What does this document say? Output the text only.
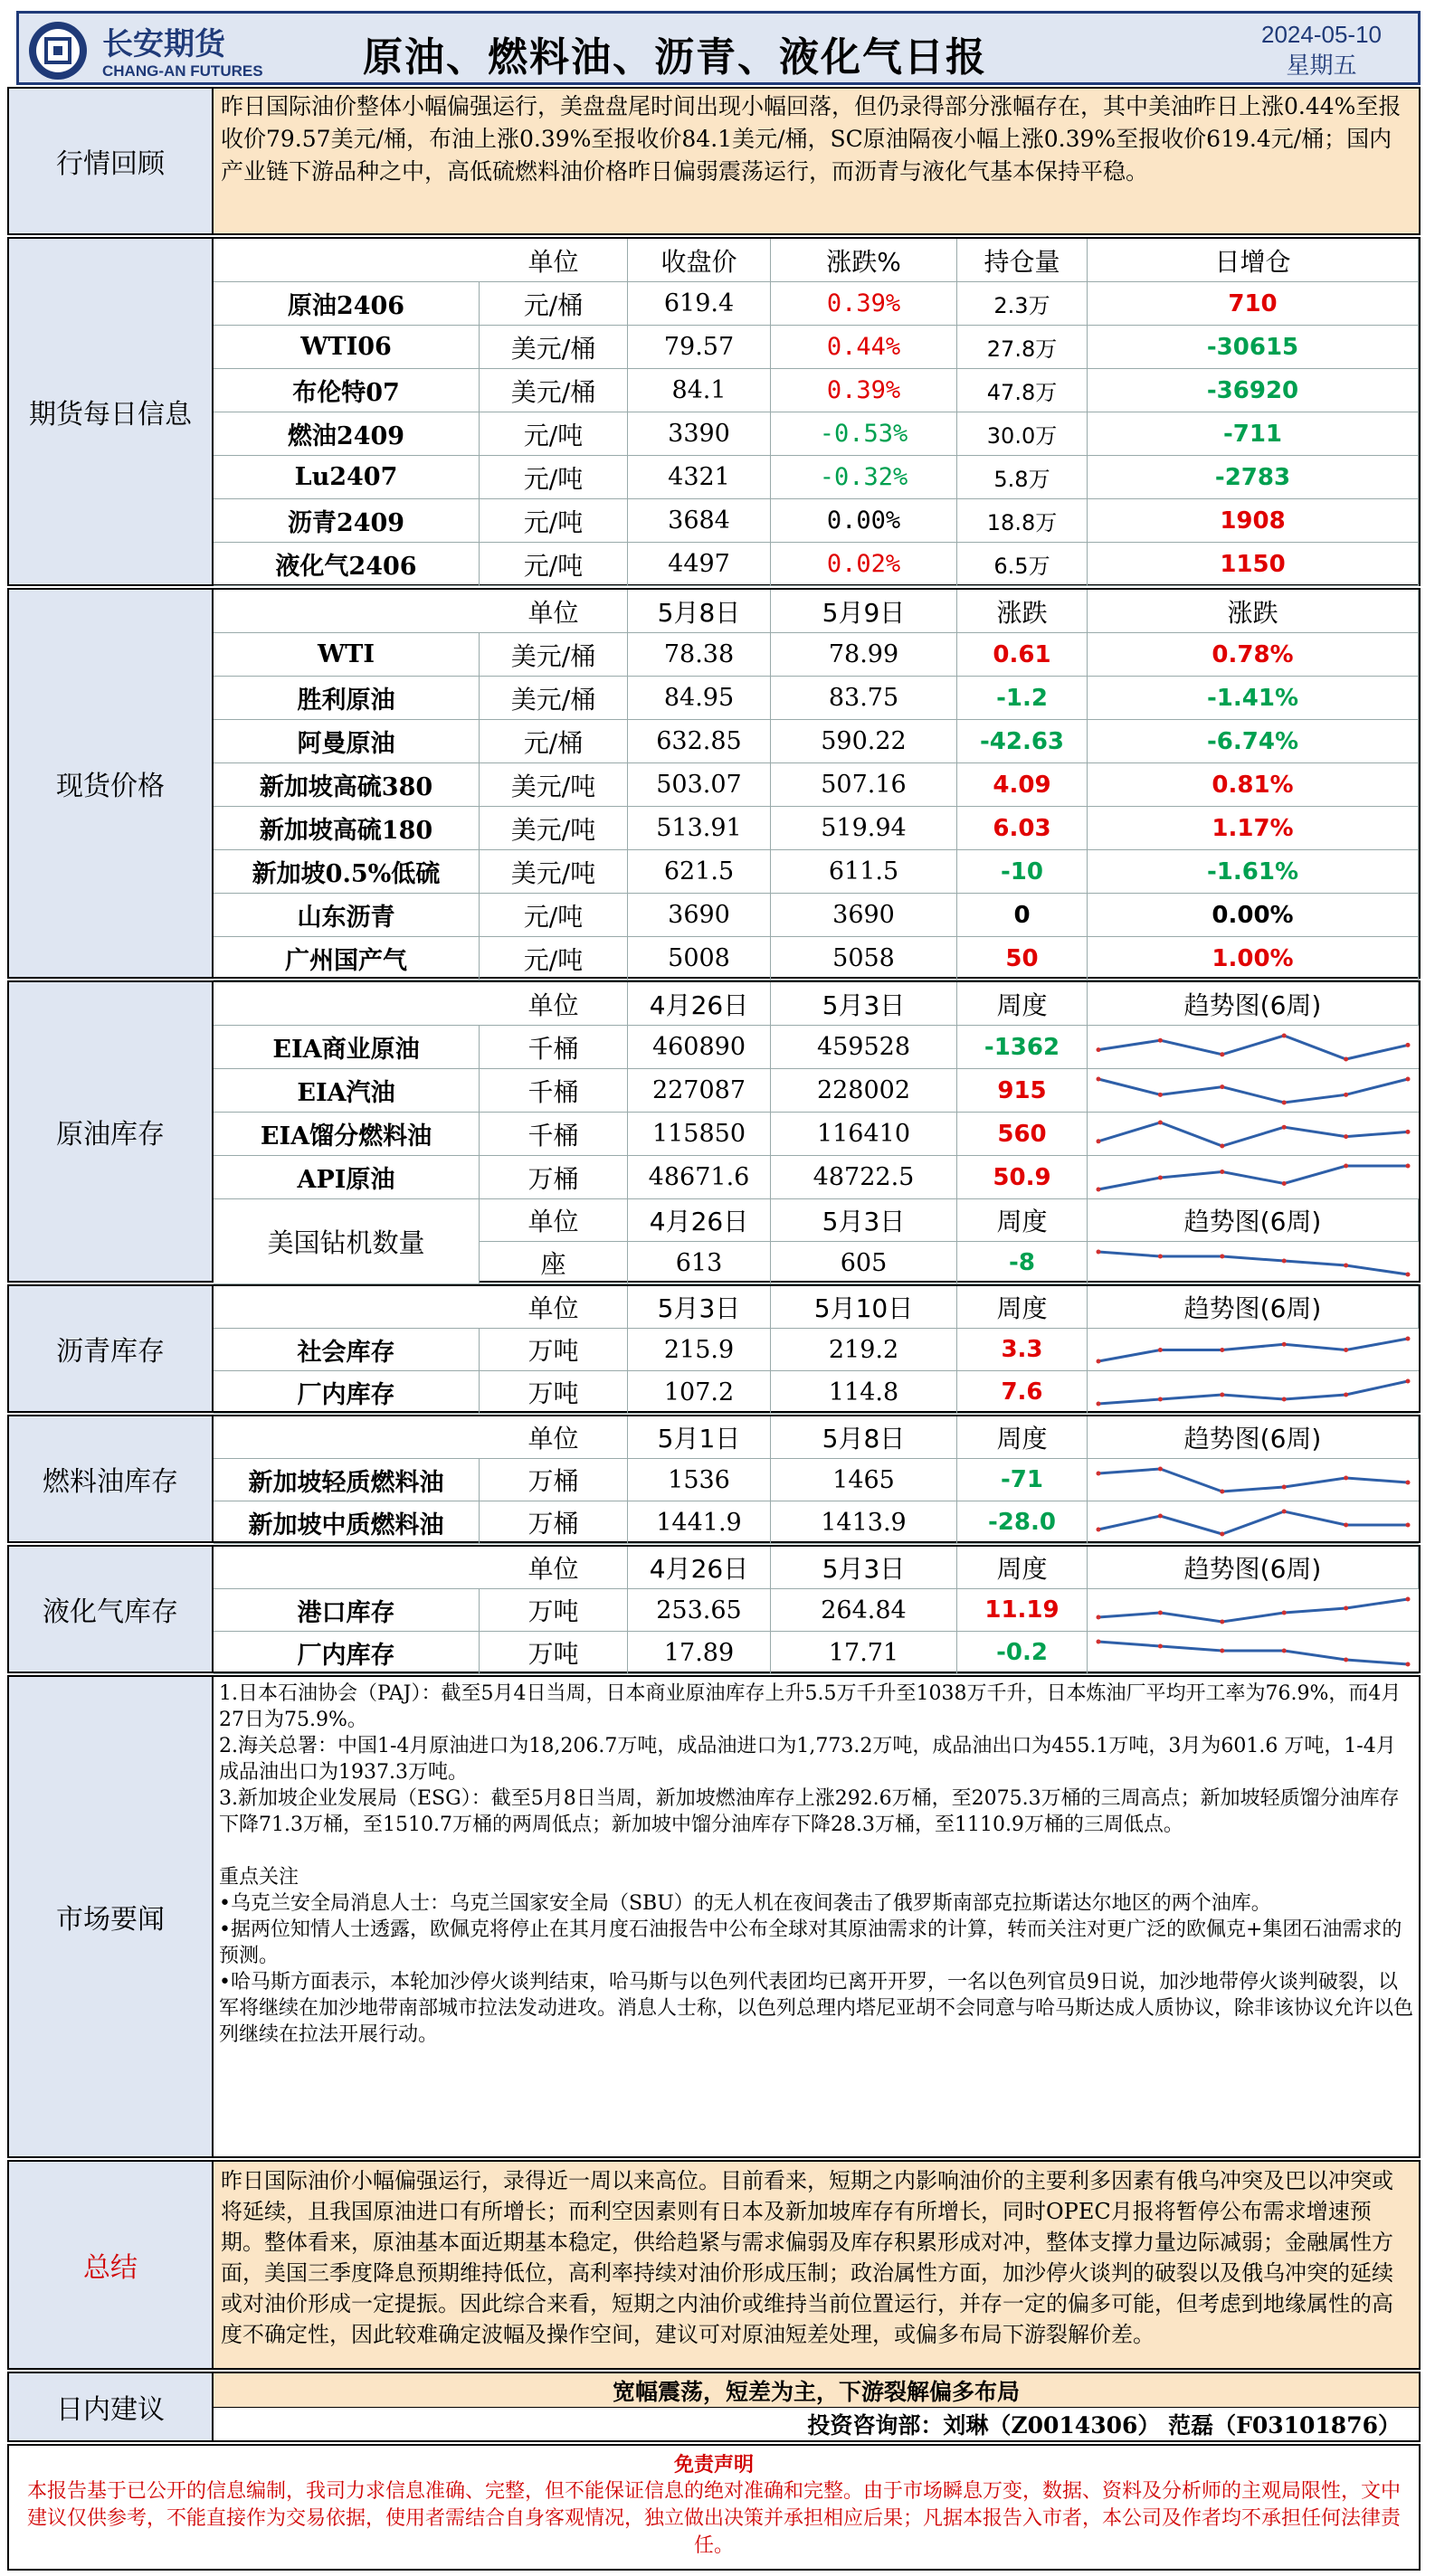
长安期货
CHANG-AN FUTURES	原油、燃料油、沥青、液化气日报	2024-05-10
星期五
行情回顾
昨日国际油价整体小幅偏强运行，美盘盘尾时间出现小幅回落，但仍录得部分涨幅存在，其中美油昨日上涨0.44%至报收价79.57美元/桶，布油上涨0.39%至报收价84.1美元/桶，SC原油隔夜小幅上涨0.39%至报收价619.4元/桶；国内产业链下游品种之中，高低硫燃料油价格昨日偏弱震荡运行，而沥青与液化气基本保持平稳。
期货每日信息
单位	收盘价	涨跌%	持仓量	日增仓
原油2406	元/桶	619.4	0.39%	2.3万	710
WTI06	美元/桶	79.57	0.44%	27.8万	-30615
布伦特07	美元/桶	84.1	0.39%	47.8万	-36920
燃油2409	元/吨	3390	-0.53%	30.0万	-711
Lu2407	元/吨	4321	-0.32%	5.8万	-2783
沥青2409	元/吨	3684	0.00%	18.8万	1908
液化气2406	元/吨	4497	0.02%	6.5万	1150
现货价格
单位	5月8日	5月9日	涨跌	涨跌
WTI	美元/桶	78.38	78.99	0.61	0.78%
胜利原油	美元/桶	84.95	83.75	-1.2	-1.41%
阿曼原油	元/桶	632.85	590.22	-42.63	-6.74%
新加坡高硫380	美元/吨	503.07	507.16	4.09	0.81%
新加坡高硫180	美元/吨	513.91	519.94	6.03	1.17%
新加坡0.5%低硫	美元/吨	621.5	611.5	-10	-1.61%
山东沥青	元/吨	3690	3690	0	0.00%
广州国产气	元/吨	5008	5058	50	1.00%
原油库存
单位	4月26日	5月3日	周度	趋势图(6周)
EIA商业原油	千桶	460890	459528	-1362
EIA汽油	千桶	227087	228002	915
EIA馏分燃料油	千桶	115850	116410	560
API原油	万桶	48671.6	48722.5	50.9
美国钻机数量
单位	4月26日	5月3日	周度	趋势图(6周)
座	613	605	-8
沥青库存
单位	5月3日	5月10日	周度	趋势图(6周)
社会库存	万吨	215.9	219.2	3.3
厂内库存	万吨	107.2	114.8	7.6
燃料油库存
单位	5月1日	5月8日	周度	趋势图(6周)
新加坡轻质燃料油	万桶	1536	1465	-71
新加坡中质燃料油	万桶	1441.9	1413.9	-28.0
液化气库存
单位	4月26日	5月3日	周度	趋势图(6周)
港口库存	万吨	253.65	264.84	11.19
厂内库存	万吨	17.89	17.71	-0.2
市场要闻
1.日本石油协会（PAJ）：截至5月4日当周，日本商业原油库存上升5.5万千升至1038万千升，日本炼油厂平均开工率为76.9%，而4月27日为75.9%。
2.海关总署：中国1-4月原油进口为18,206.7万吨，成品油进口为1,773.2万吨，成品油出口为455.1万吨，3月为601.6 万吨，1-4月成品油出口为1937.3万吨。
3.新加坡企业发展局（ESG）：截至5月8日当周，新加坡燃油库存上涨292.6万桶，至2075.3万桶的三周高点；新加坡轻质馏分油库存下降71.3万桶，至1510.7万桶的两周低点；新加坡中馏分油库存下降28.3万桶，至1110.9万桶的三周低点。

重点关注
•乌克兰安全局消息人士：乌克兰国家安全局（SBU）的无人机在夜间袭击了俄罗斯南部克拉斯诺达尔地区的两个油库。
•据两位知情人士透露，欧佩克将停止在其月度石油报告中公布全球对其原油需求的计算，转而关注对更广泛的欧佩克+集团石油需求的预测。
•哈马斯方面表示，本轮加沙停火谈判结束，哈马斯与以色列代表团均已离开开罗，一名以色列官员9日说，加沙地带停火谈判破裂，以军将继续在加沙地带南部城市拉法发动进攻。消息人士称，以色列总理内塔尼亚胡不会同意与哈马斯达成人质协议，除非该协议允许以色列继续在拉法开展行动。
总结
昨日国际油价小幅偏强运行，录得近一周以来高位。目前看来，短期之内影响油价的主要利多因素有俄乌冲突及巴以冲突或将延续，且我国原油进口有所增长；而利空因素则有日本及新加坡库存有所增长，同时OPEC月报将暂停公布需求增速预期。整体看来，原油基本面近期基本稳定，供给趋紧与需求偏弱及库存积累形成对冲，整体支撑力量边际减弱；金融属性方面，美国三季度降息预期维持低位，高利率持续对油价形成压制；政治属性方面，加沙停火谈判的破裂以及俄乌冲突的延续或对油价形成一定提振。因此综合来看，短期之内油价或维持当前位置运行，并存一定的偏多可能，但考虑到地缘属性的高度不确定性，因此较难确定波幅及操作空间，建议可对原油短差处理，或偏多布局下游裂解价差。
日内建议
宽幅震荡，短差为主，下游裂解偏多布局
投资咨询部：刘琳（Z0014306） 范磊（F03101876）
免责声明
本报告基于已公开的信息编制，我司力求信息准确、完整，但不能保证信息的绝对准确和完整。由于市场瞬息万变，数据、资料及分析师的主观局限性，文中建议仅供参考，不能直接作为交易依据，使用者需结合自身客观情况，独立做出决策并承担相应后果；凡据本报告入市者，本公司及作者均不承担任何法律责任。
